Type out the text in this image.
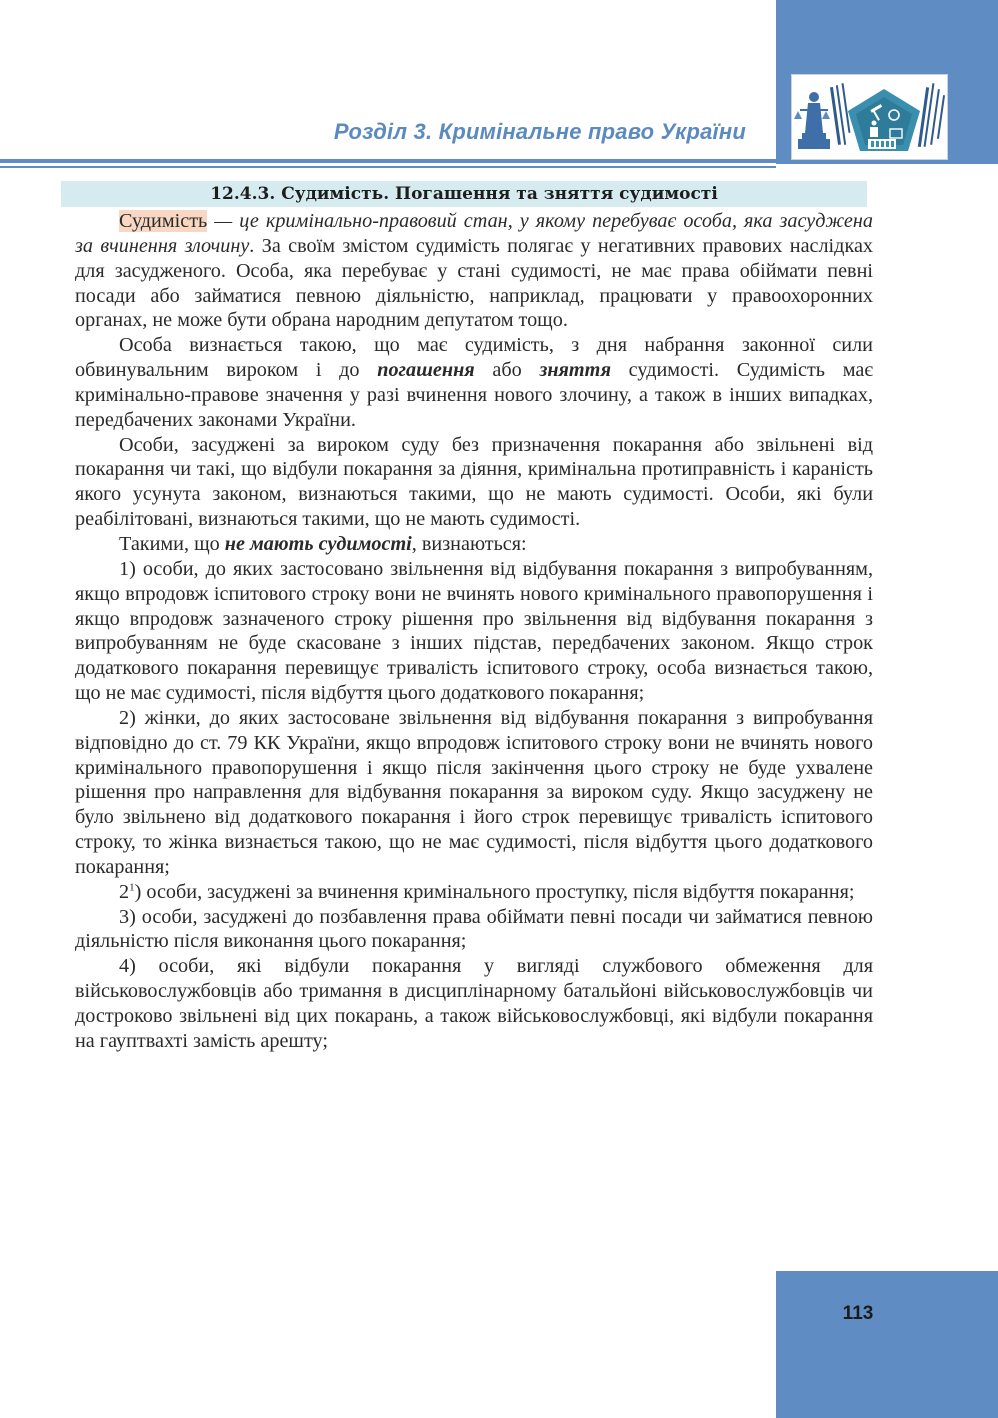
Розділ 3. Кримінальне право України
12.4.3. Судимість. Погашення та зняття судимості

Судимість — це кримінально-правовий стан, у якому перебуває особа, яка засуджена за вчинення злочину. За своїм змістом судимість полягає у негативних правових наслідках для засудженого. Особа, яка перебуває у стані судимості, не має права обіймати певні посади або займатися певною діяльністю, наприклад, працювати у правоохоронних органах, не може бути обрана народним депутатом тощо.

Особа визнається такою, що має судимість, з дня набрання законної сили обвинувальним вироком і до погашення або зняття судимості. Судимість має кримінально-правове значення у разі вчинення нового злочину, а також в інших випадках, передбачених законами України.

Особи, засуджені за вироком суду без призначення покарання або звільнені від покарання чи такі, що відбули покарання за діяння, кримінальна протиправність і караність якого усунута законом, визнаються такими, що не мають судимості. Особи, які були реабілітовані, визнаються такими, що не мають судимості.

Такими, що не мають судимості, визнаються:

1) особи, до яких застосовано звільнення від відбування покарання з випробуванням, якщо впродовж іспитового строку вони не вчинять нового кримінального правопорушення і якщо впродовж зазначеного строку рішення про звільнення від відбування покарання з випробуванням не буде скасоване з інших підстав, передбачених законом. Якщо строк додаткового покарання перевищує тривалість іспитового строку, особа визнається такою, що не має судимості, після відбуття цього додаткового покарання;

2) жінки, до яких застосоване звільнення від відбування покарання з випробування відповідно до ст. 79 КК України, якщо впродовж іспитового строку вони не вчинять нового кримінального правопорушення і якщо після закінчення цього строку не буде ухвалене рішення про направлення для відбування покарання за вироком суду. Якщо засуджену не було звільнено від додаткового покарання і його строк перевищує тривалість іспитового строку, то жінка визнається такою, що не має судимості, після відбуття цього додаткового покарання;

$2^1$) особи, засуджені за вчинення кримінального проступку, після відбуття покарання;

3) особи, засуджені до позбавлення права обіймати певні посади чи займатися певною діяльністю після виконання цього покарання;

4) особи, які відбули покарання у вигляді службового обмеження для військовослужбовців або тримання в дисциплінарному батальйоні військовослужбовців чи достроково звільнені від цих покарань, а також військовослужбовці, які відбули покарання на гауптвахті замість арешту;

113
